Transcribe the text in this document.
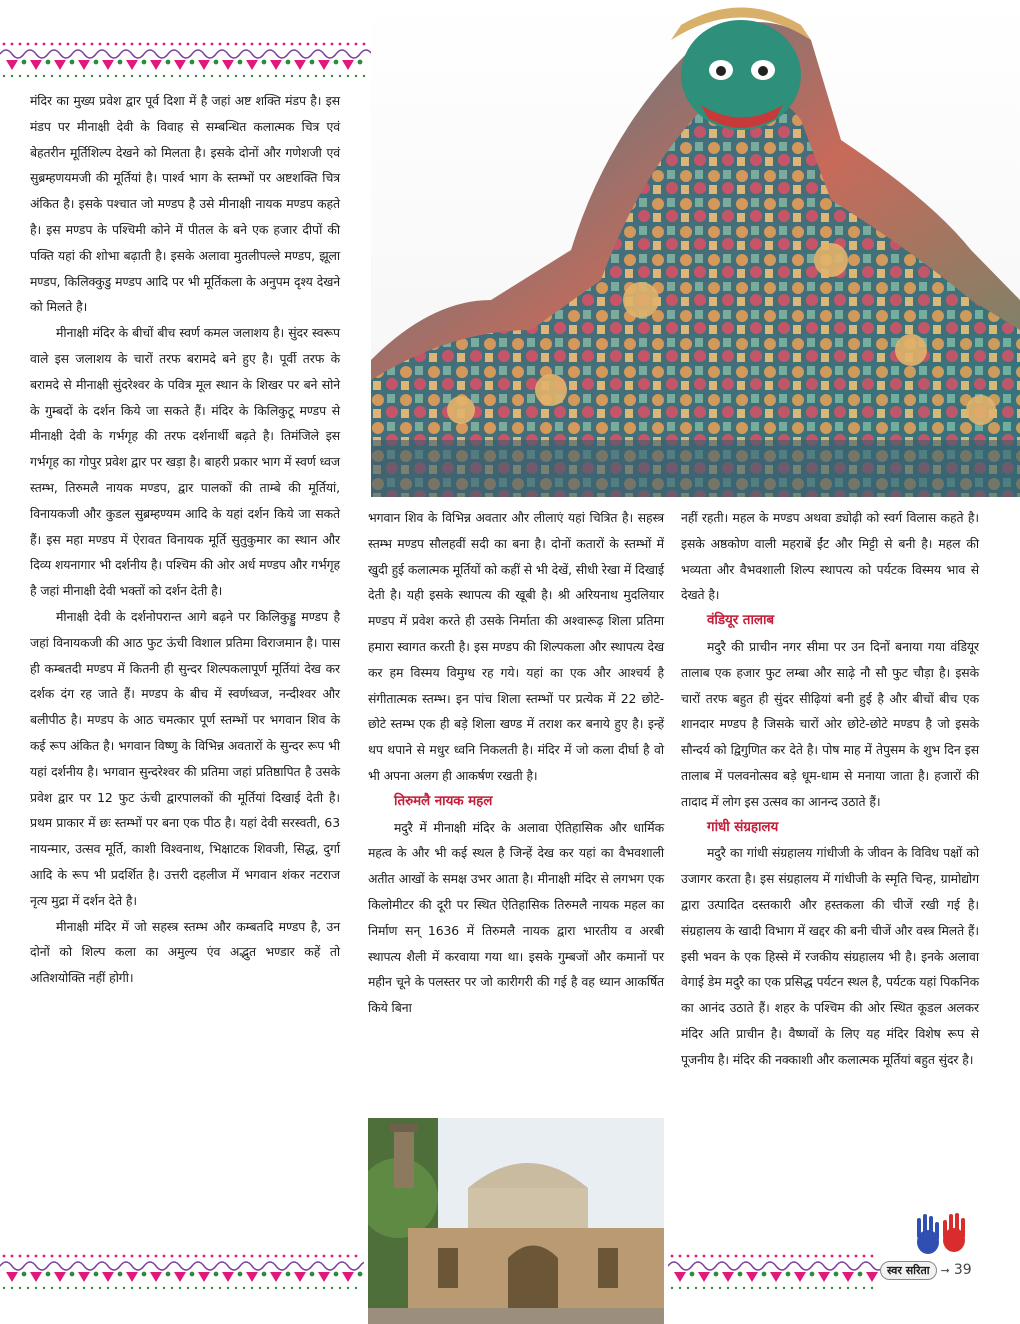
मंदिर का मुख्य प्रवेश द्वार पूर्व दिशा में है जहां अष्ट शक्ति मंडप है। इस मंडप पर मीनाक्षी देवी के विवाह से सम्बन्धित कलात्मक चित्र एवं बेहतरीन मूर्तिशिल्प देखने को मिलता है। इसके दोनों और गणेशजी एवं सुब्रम्हणयमजी की मूर्तियां है। पार्श्व भाग के स्तम्भों पर अष्टशक्ति चित्र अंकित है। इसके पश्चात जो मण्डप है उसे मीनाक्षी नायक मण्डप कहते है। इस मण्डप के पश्चिमी कोने में पीतल के बने एक हजार दीपों की पक्ति यहां की शोभा बढ़ाती है। इसके अलावा मुतलीपल्ले मण्डप, झूला मण्डप, किलिक्कुडु मण्डप आदि पर भी मूर्तिकला के अनुपम दृश्य देखने को मिलते है।

मीनाक्षी मंदिर के बीचों बीच स्वर्ण कमल जलाशय है। सुंदर स्वरूप वाले इस जलाशय के चारों तरफ बरामदे बने हुए है। पूर्वी तरफ के बरामदे से मीनाक्षी सुंदरेश्वर के पवित्र मूल स्थान के शिखर पर बने सोने के गुम्बदों के दर्शन किये जा सकते हैं। मंदिर के किलिकुटू मण्डप से मीनाक्षी देवी के गर्भगृह की तरफ दर्शनार्थी बढ़ते है। तिमंजिले इस गर्भगृह का गोपुर प्रवेश द्वार पर खड़ा है। बाहरी प्रकार भाग में स्वर्ण ध्वज स्तम्भ, तिरुमलै नायक मण्डप, द्वार पालकों की ताम्बे की मूर्तियां, विनायकजी और कुडल सुब्रम्हण्यम आदि के यहां दर्शन किये जा सकते हैं। इस महा मण्डप में ऐरावत विनायक मूर्ति सुतुकुमार का स्थान और दिव्य शयनागार भी दर्शनीय है। पश्चिम की ओर अर्ध मण्डप और गर्भगृह है जहां मीनाक्षी देवी भक्तों को दर्शन देती है।

मीनाक्षी देवी के दर्शनोपरान्त आगे बढ़ने पर किलिकुड्डु मण्डप है जहां विनायकजी की आठ फुट ऊंची विशाल प्रतिमा विराजमान है। पास ही कम्बतदी मण्डप में कितनी ही सुन्दर शिल्पकलापूर्ण मूर्तियां देख कर दर्शक दंग रह जाते हैं। मण्डप के बीच में स्वर्णध्वज, नन्दीश्वर और बलीपीठ है। मण्डप के आठ चमत्कार पूर्ण स्तम्भों पर भगवान शिव के कई रूप अंकित है। भगवान विष्णु के विभिन्न अवतारों के सुन्दर रूप भी यहां दर्शनीय है। भगवान सुन्दरेश्वर की प्रतिमा जहां प्रतिष्ठापित है उसके प्रवेश द्वार पर 12 फुट ऊंची द्वारपालकों की मूर्तियां दिखाई देती है। प्रथम प्राकार में छः स्तम्भों पर बना एक पीठ है। यहां देवी सरस्वती, 63 नायन्मार, उत्सव मूर्ति, काशी विश्वनाथ, भिक्षाटक शिवजी, सिद्ध, दुर्गा आदि के रूप भी प्रदर्शित है। उत्तरी दहलीज में भगवान शंकर नटराज नृत्य मुद्रा में दर्शन देते है।

मीनाक्षी मंदिर में जो सहस्त्र स्तम्भ और कम्बतदि मण्डप है, उन दोनों को शिल्प कला का अमुल्य एंव अद्भुत भण्डार कहें तो अतिशयोक्ति नहीं होगी।

भगवान शिव के विभिन्न अवतार और लीलाएं यहां चित्रित है। सहस्त्र स्तम्भ मण्डप सौलहवीं सदी का बना है। दोनों कतारों के स्तम्भों में खुदी हुई कलात्मक मूर्तियों को कहीं से भी देखें, सीधी रेखा में दिखाई देती है। यही इसके स्थापत्य की खूबी है। श्री अरियनाथ मुदलियार मण्डप में प्रवेश करते ही उसके निर्माता की अश्वारूढ़ शिला प्रतिमा हमारा स्वागत करती है। इस मण्डप की शिल्पकला और स्थापत्य देख कर हम विस्मय विमुग्ध रह गये। यहां का एक और आश्चर्य है संगीतात्मक स्तम्भ। इन पांच शिला स्तम्भों पर प्रत्येक में 22 छोटे-छोटे स्तम्भ एक ही बड़े शिला खण्ड में तराश कर बनाये हुए है। इन्हें थप थपाने से मधुर ध्वनि निकलती है। मंदिर में जो कला दीर्घा है वो भी अपना अलग ही आकर्षण रखती है।

तिरुमलै नायक महल

मदुरै में मीनाक्षी मंदिर के अलावा ऐतिहासिक और धार्मिक महत्व के और भी कई स्थल है जिन्हें देख कर यहां का वैभवशाली अतीत आखों के समक्ष उभर आता है। मीनाक्षी मंदिर से लगभग एक किलोमीटर की दूरी पर स्थित ऐतिहासिक तिरुमलै नायक महल का निर्माण सन् 1636 में तिरुमलै नायक द्वारा भारतीय व अरबी स्थापत्य शैली में करवाया गया था। इसके गुम्बजों और कमानों पर महीन चूने के पलस्तर पर जो कारीगरी की गई है वह ध्यान आकर्षित किये बिना

नहीं रहती। महल के मण्डप अथवा ड्योढ़ी को स्वर्ग विलास कहते है। इसके अष्ठकोण वाली महराबें ईंट और मिट्टी से बनी है। महल की भव्यता और वैभवशाली शिल्प स्थापत्य को पर्यटक विस्मय भाव से देखते है।

वंडियूर तालाब

मदुरै की प्राचीन नगर सीमा पर उन दिनों बनाया गया वंडियूर तालाब एक हजार फुट लम्बा और साढ़े नौ सौ फुट चौड़ा है। इसके चारों तरफ बहुत ही सुंदर सीढ़ियां बनी हुई है और बीचों बीच एक शानदार मण्डप है जिसके चारों ओर छोटे-छोटे मण्डप है जो इसके सौन्दर्य को द्विगुणित कर देते है। पोष माह में तेपुसम के शुभ दिन इस तालाब में पलवनोत्सव बड़े धूम-धाम से मनाया जाता है। हजारों की तादाद में लोग इस उत्सव का आनन्द उठाते हैं।

गांधी संग्रहालय

मदुरै का गांधी संग्रहालय गांधीजी के जीवन के विविध पक्षों को उजागर करता है। इस संग्रहालय में गांधीजी के स्मृति चिन्ह, ग्रामोद्योग द्वारा उत्पादित दस्तकारी और हस्तकला की चीजें रखी गई है। संग्रहालय के खादी विभाग में खद्दर की बनी चीजें और वस्त्र मिलते हैं। इसी भवन के एक हिस्से में रजकीय संग्रहालय भी है। इनके अलावा वेगाई डेम मदुरै का एक प्रसिद्ध पर्यटन स्थल है, पर्यटक यहां पिकनिक का आनंद उठाते हैं। शहर के पश्चिम की ओर स्थित कूडल अलकर मंदिर अति प्राचीन है। वैष्णवों के लिए यह मंदिर विशेष रूप से पूजनीय है। मंदिर की नक्काशी और कलात्मक मूर्तियां बहुत सुंदर है।

स्वर सरिता	➞ 39
